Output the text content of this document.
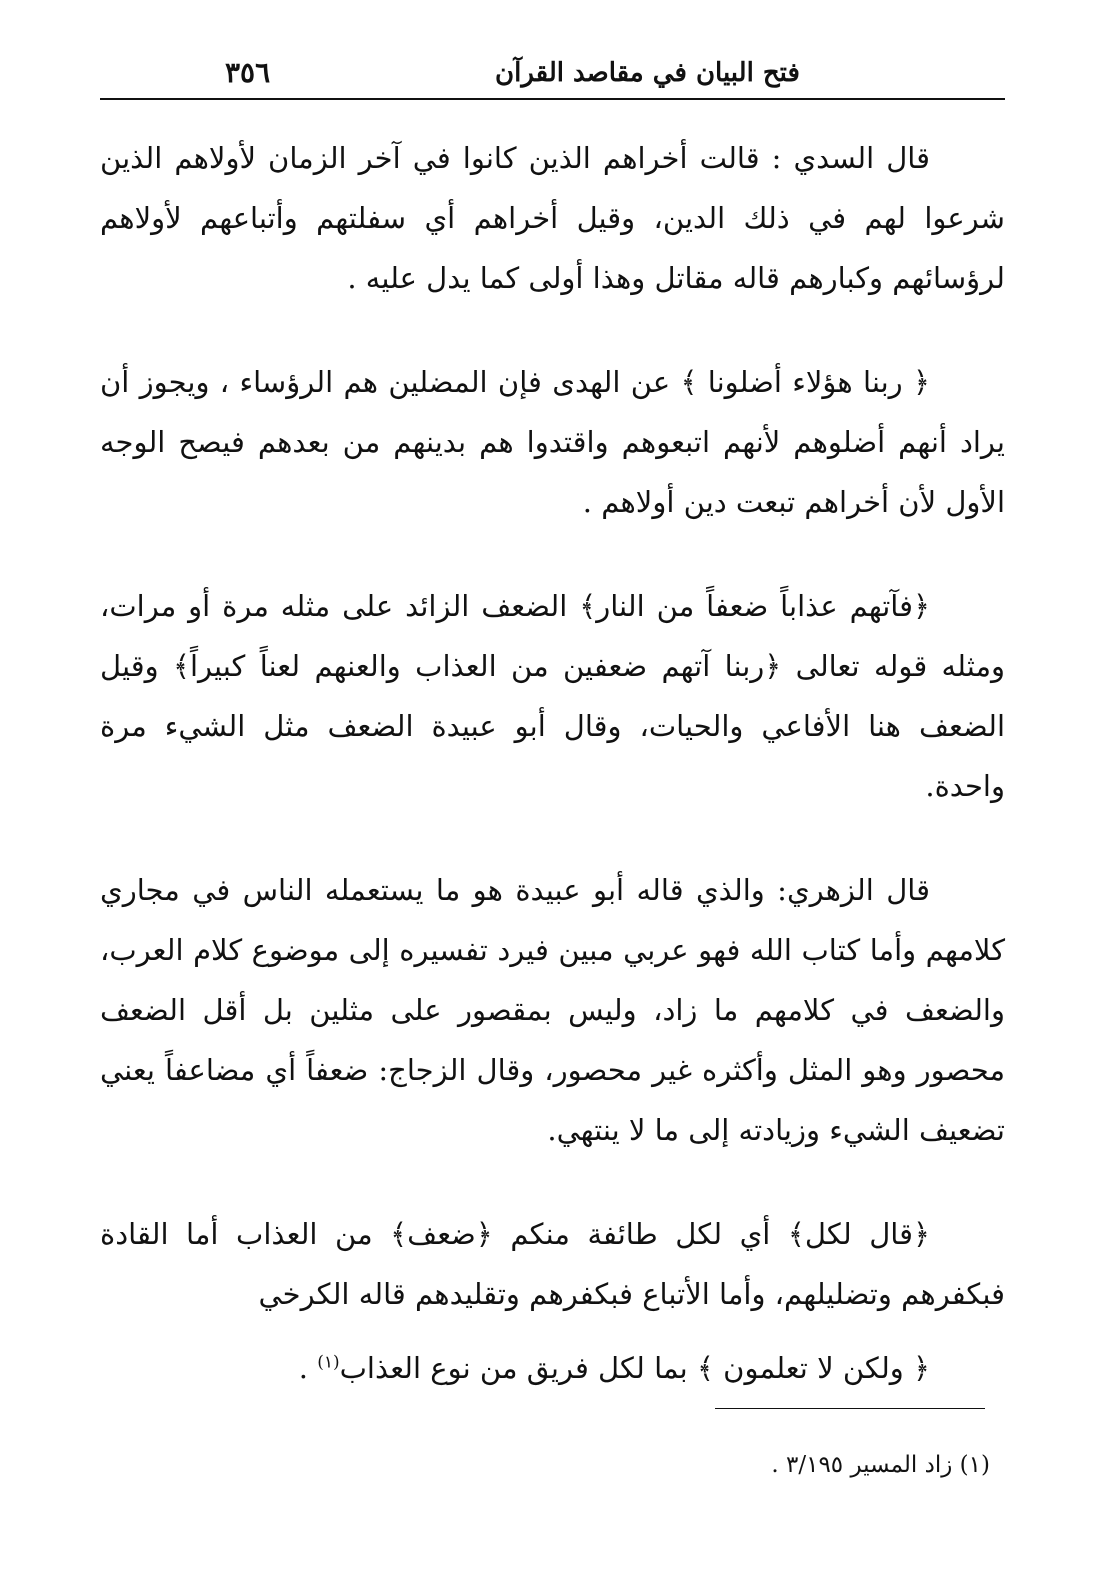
٣٥٦	فتح البيان في مقاصد القرآن

قال السدي : قالت أخراهم الذين كانوا في آخر الزمان لأولاهم الذين شرعوا لهم في ذلك الدين، وقيل أخراهم أي سفلتهم وأتباعهم لأولاهم لرؤسائهم وكبارهم قاله مقاتل وهذا أولى كما يدل عليه .

﴿ ربنا هؤلاء أضلونا ﴾ عن الهدى فإن المضلين هم الرؤساء ، ويجوز أن يراد أنهم أضلوهم لأنهم اتبعوهم واقتدوا هم بدينهم من بعدهم فيصح الوجه الأول لأن أخراهم تبعت دين أولاهم .

﴿فآتهم عذاباً ضعفاً من النار﴾ الضعف الزائد على مثله مرة أو مرات، ومثله قوله تعالى ﴿ربنا آتهم ضعفين من العذاب والعنهم لعناً كبيراً﴾ وقيل الضعف هنا الأفاعي والحيات، وقال أبو عبيدة الضعف مثل الشيء مرة واحدة.

قال الزهري: والذي قاله أبو عبيدة هو ما يستعمله الناس في مجاري كلامهم وأما كتاب الله فهو عربي مبين فيرد تفسيره إلى موضوع كلام العرب، والضعف في كلامهم ما زاد، وليس بمقصور على مثلين بل أقل الضعف محصور وهو المثل وأكثره غير محصور، وقال الزجاج: ضعفاً أي مضاعفاً يعني تضعيف الشيء وزيادته إلى ما لا ينتهي.

﴿قال لكل﴾ أي لكل طائفة منكم ﴿ضعف﴾ من العذاب أما القادة فبكفرهم وتضليلهم، وأما الأتباع فبكفرهم وتقليدهم قاله الكرخي

﴿ ولكن لا تعلمون ﴾ بما لكل فريق من نوع العذاب$^{(١)}$ .

(١) زاد المسير ٣/١٩٥ .
